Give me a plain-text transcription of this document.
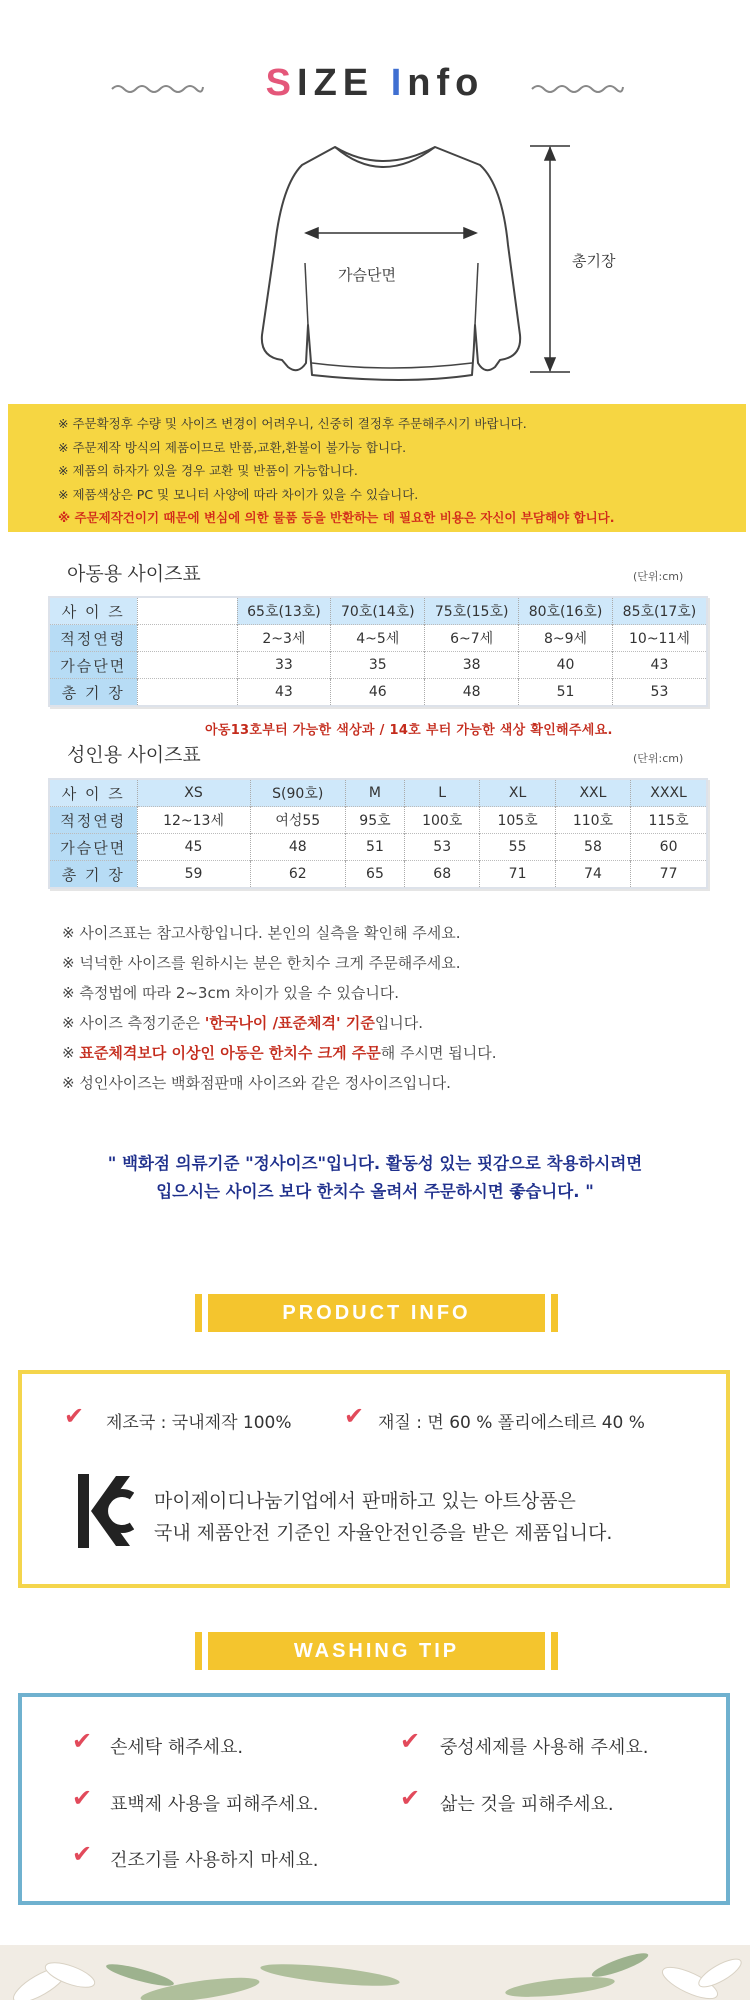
SIZE Info
가슴단면
총기장
※ 주문확정후 수량 및 사이즈 변경이 어려우니, 신중히 결정후 주문해주시기 바랍니다.
※ 주문제작 방식의 제품이므로 반품,교환,환불이 불가능 합니다.
※ 제품의 하자가 있을 경우 교환 및 반품이 가능합니다.
※ 제품색상은 PC 및 모니터 사양에 따라 차이가 있을 수 있습니다.
※ 주문제작건이기 때문에 변심에 의한 물품 등을 반환하는 데 필요한 비용은 자신이 부담해야 합니다.
아동용 사이즈표	(단위:cm)
사 이 즈		65호(13호)	70호(14호)	75호(15호)	80호(16호)	85호(17호)
적정연령		2~3세	4~5세	6~7세	8~9세	10~11세
가슴단면		33	35	38	40	43
총 기 장		43	46	48	51	53
아동13호부터 가능한 색상과 / 14호 부터 가능한 색상 확인해주세요.
성인용 사이즈표	(단위:cm)
사 이 즈	XS	S(90호)	M	L	XL	XXL	XXXL
적정연령	12~13세	여성55	95호	100호	105호	110호	115호
가슴단면	45	48	51	53	55	58	60
총 기 장	59	62	65	68	71	74	77
※ 사이즈표는 참고사항입니다. 본인의 실측을 확인해 주세요.
※ 넉넉한 사이즈를 원하시는 분은 한치수 크게 주문해주세요.
※ 측정법에 따라 2~3cm 차이가 있을 수 있습니다.
※ 사이즈 측정기준은 '한국나이 /표준체격' 기준입니다.
※ 표준체격보다 이상인 아동은 한치수 크게 주문해 주시면 됩니다.
※ 성인사이즈는 백화점판매 사이즈와 같은 정사이즈입니다.
" 백화점 의류기준 "정사이즈"입니다. 활동성 있는 핏감으로 착용하시려면
입으시는 사이즈 보다 한치수 올려서 주문하시면 좋습니다. "
PRODUCT INFO
✔ 제조국 : 국내제작 100% ✔ 재질 : 면 60 % 폴리에스테르 40 %
마이제이디나눔기업에서 판매하고 있는 아트상품은
국내 제품안전 기준인 자율안전인증을 받은 제품입니다.
WASHING TIP
✔ 손세탁 해주세요.	✔ 중성세제를 사용해 주세요.
✔ 표백제 사용을 피해주세요.	✔ 삶는 것을 피해주세요.
✔ 건조기를 사용하지 마세요.
